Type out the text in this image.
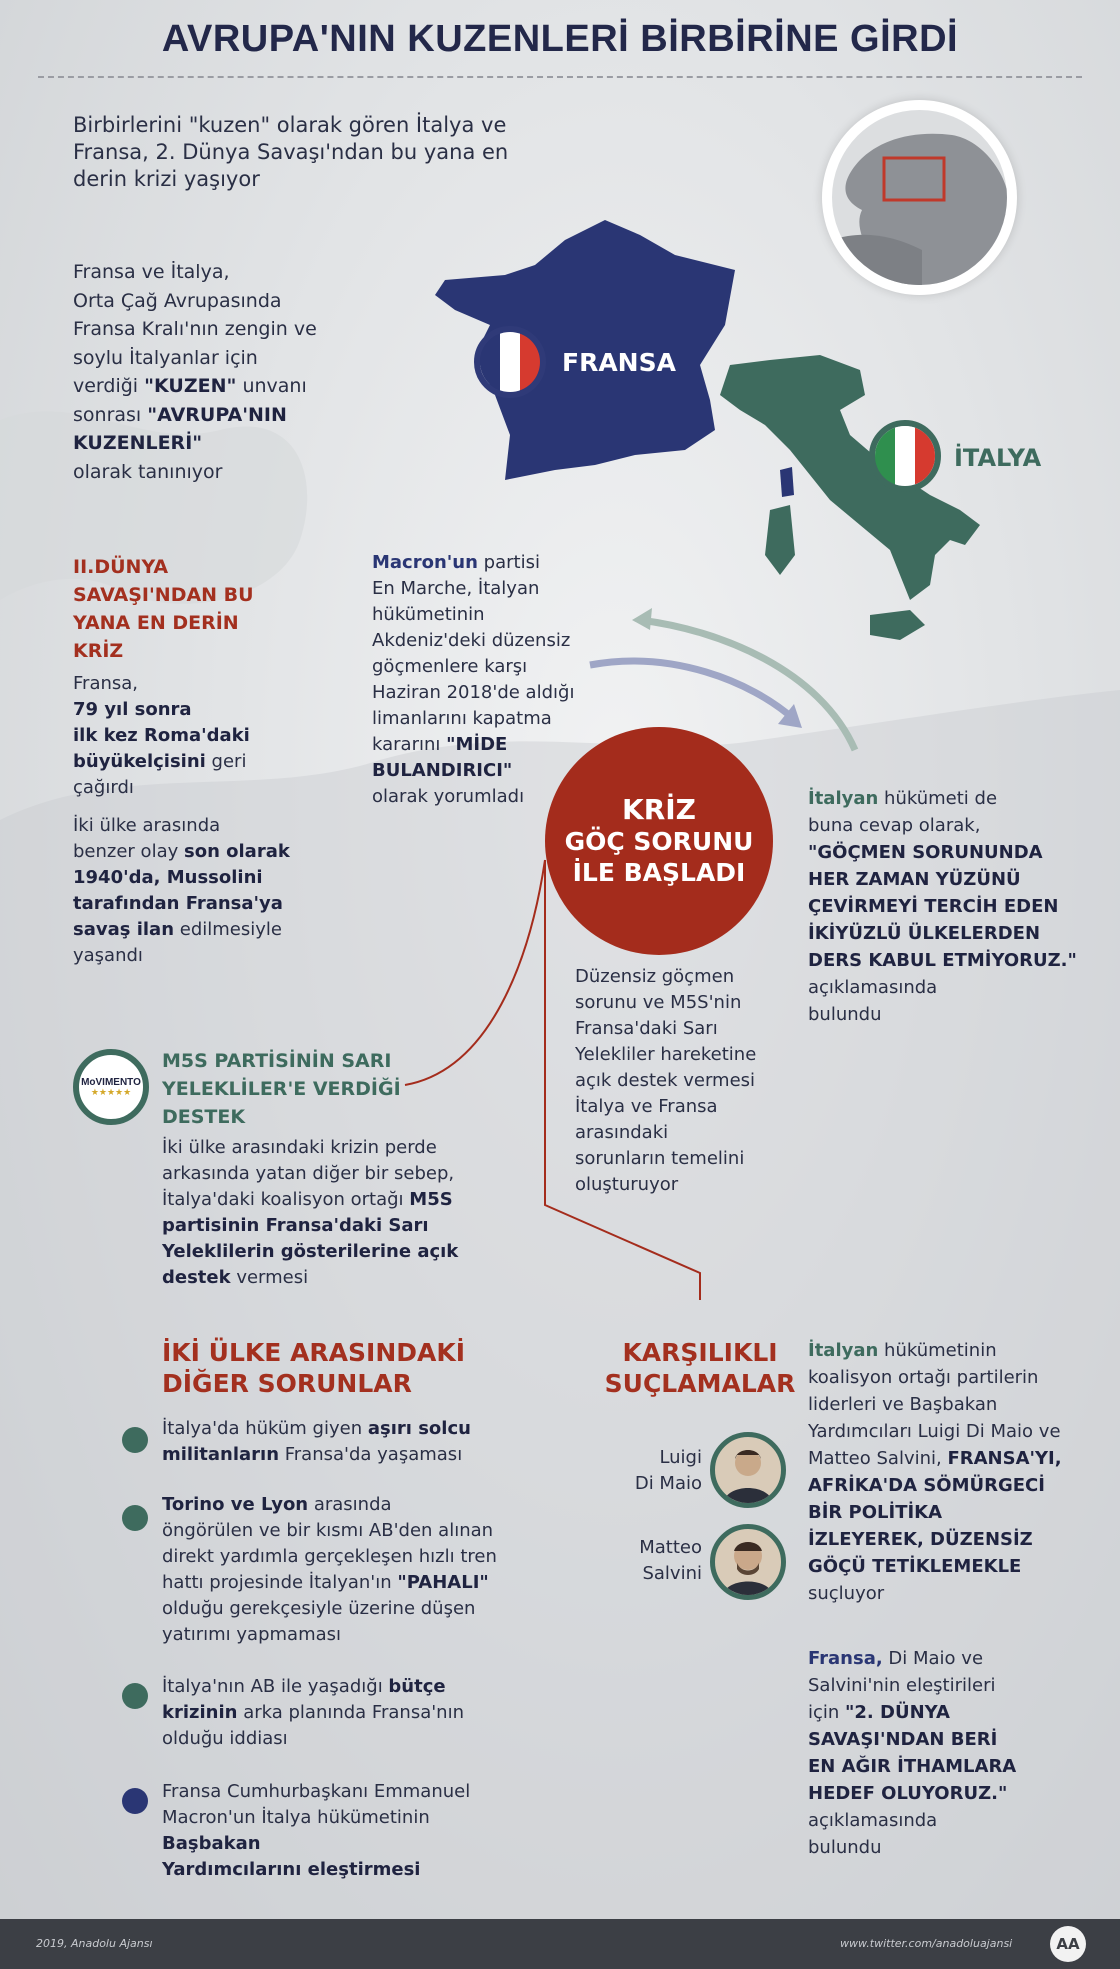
AVRUPA'NIN KUZENLERİ BİRBİRİNE GİRDİ
Birbirlerini "kuzen" olarak gören İtalya ve Fransa, 2. Dünya Savaşı'ndan bu yana en derin krizi yaşıyor
FRANSA
İTALYA
Fransa ve İtalya,
Orta Çağ Avrupasında
Fransa Kralı'nın zengin ve
soylu İtalyanlar için
verdiği "KUZEN" unvanı
sonrası "AVRUPA'NIN
KUZENLERİ"
olarak tanınıyor
II.DÜNYA
SAVAŞI'NDAN BU
YANA EN DERİN
KRİZ
Fransa,
79 yıl sonra
ilk kez Roma'daki
büyükelçisini geri
çağırdı
İki ülke arasında
benzer olay son olarak
1940'da, Mussolini
tarafından Fransa'ya
savaş ilan edilmesiyle
yaşandı
Macron'un partisi
En Marche, İtalyan
hükümetinin
Akdeniz'deki düzensiz
göçmenlere karşı
Haziran 2018'de aldığı
limanlarını kapatma
kararını "MİDE
BULANDIRICI"
olarak yorumladı	KRİZ
GÖÇ SORUNU
İLE BAŞLADI
İtalyan hükümeti de
buna cevap olarak,
"GÖÇMEN SORUNUNDA
HER ZAMAN YÜZÜNÜ
ÇEVİRMEYİ TERCİH EDEN
İKİYÜZLÜ ÜLKELERDEN
DERS KABUL ETMİYORUZ."
açıklamasında
bulundu
Düzensiz göçmen
sorunu ve M5S'nin
Fransa'daki Sarı
Yelekliler hareketine
açık destek vermesi
İtalya ve Fransa
arasındaki
sorunların temelini
oluşturuyor
MoVIMENTO
★★★★★
M5S PARTİSİNİN SARI
YELEKLİLER'E VERDİĞİ
DESTEK
İki ülke arasındaki krizin perde
arkasında yatan diğer bir sebep,
İtalya'daki koalisyon ortağı M5S
partisinin Fransa'daki Sarı
Yeleklilerin gösterilerine açık
destek vermesi
İKİ ÜLKE ARASINDAKİ
DİĞER SORUNLAR
İtalya'da hüküm giyen aşırı solcu
militanların Fransa'da yaşaması
Torino ve Lyon arasında
öngörülen ve bir kısmı AB'den alınan
direkt yardımla gerçekleşen hızlı tren
hattı projesinde İtalyan'ın "PAHALI"
olduğu gerekçesiyle üzerine düşen
yatırımı yapmaması
İtalya'nın AB ile yaşadığı bütçe
krizinin arka planında Fransa'nın
olduğu iddiası
Fransa Cumhurbaşkanı Emmanuel
Macron'un İtalya hükümetinin Başbakan
Yardımcılarını eleştirmesi
KARŞILIKLI
SUÇLAMALAR
Luigi
Di Maio
Matteo
Salvini
İtalyan hükümetinin
koalisyon ortağı partilerin
liderleri ve Başbakan
Yardımcıları Luigi Di Maio ve
Matteo Salvini, FRANSA'YI,
AFRİKA'DA SÖMÜRGECİ
BİR POLİTİKA
İZLEYEREK, DÜZENSİZ
GÖÇÜ TETİKLEMEKLE
suçluyor
Fransa, Di Maio ve
Salvini'nin eleştirileri
için "2. DÜNYA
SAVAŞI'NDAN BERİ
EN AĞIR İTHAMLARA
HEDEF OLUYORUZ."
açıklamasında
bulundu
2019, Anadolu Ajansı	www.twitter.com/anadoluajansi	AA
